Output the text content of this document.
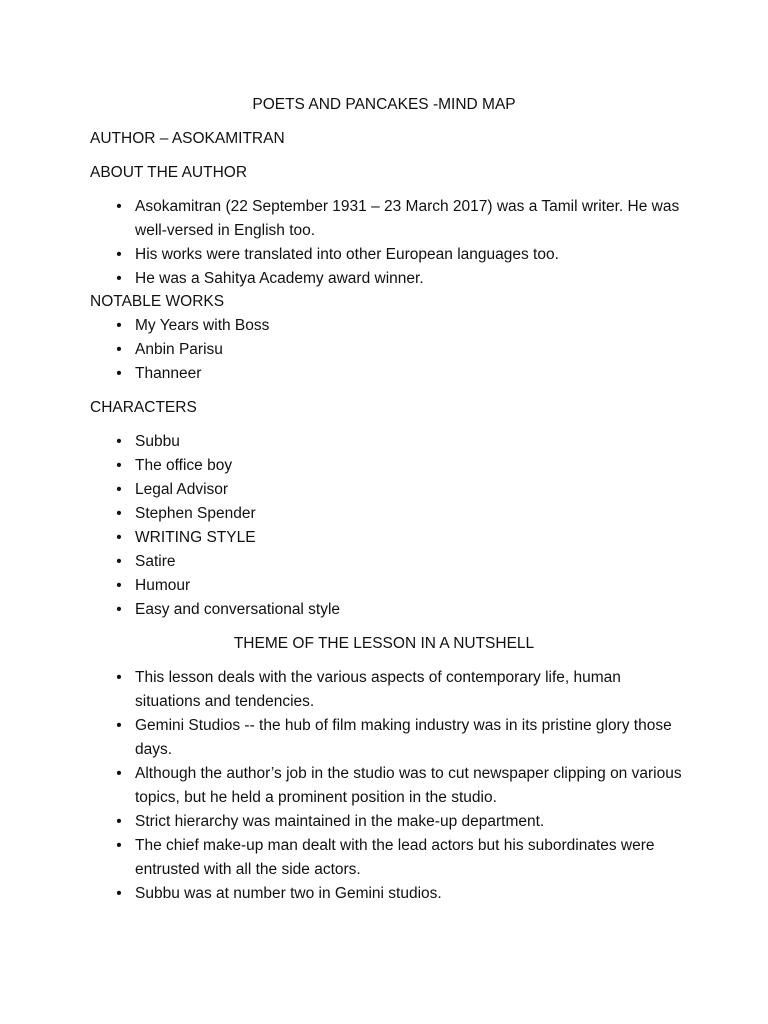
POETS AND PANCAKES -MIND MAP
AUTHOR – ASOKAMITRAN
ABOUT THE AUTHOR
• Asokamitran (22 September 1931 – 23 March 2017) was a Tamil writer. He was well-versed in English too.
• His works were translated into other European languages too.
• He was a Sahitya Academy award winner.
NOTABLE WORKS
• My Years with Boss
• Anbin Parisu
• Thanneer
CHARACTERS
• Subbu
• The office boy
• Legal Advisor
• Stephen Spender
• WRITING STYLE
• Satire
• Humour
• Easy and conversational style
THEME OF THE LESSON IN A NUTSHELL
• This lesson deals with the various aspects of contemporary life, human situations and tendencies.
• Gemini Studios -- the hub of film making industry was in its pristine glory those days.
• Although the author’s job in the studio was to cut newspaper clipping on various topics, but he held a prominent position in the studio.
• Strict hierarchy was maintained in the make-up department.
• The chief make-up man dealt with the lead actors but his subordinates were entrusted with all the side actors.
• Subbu was at number two in Gemini studios.
